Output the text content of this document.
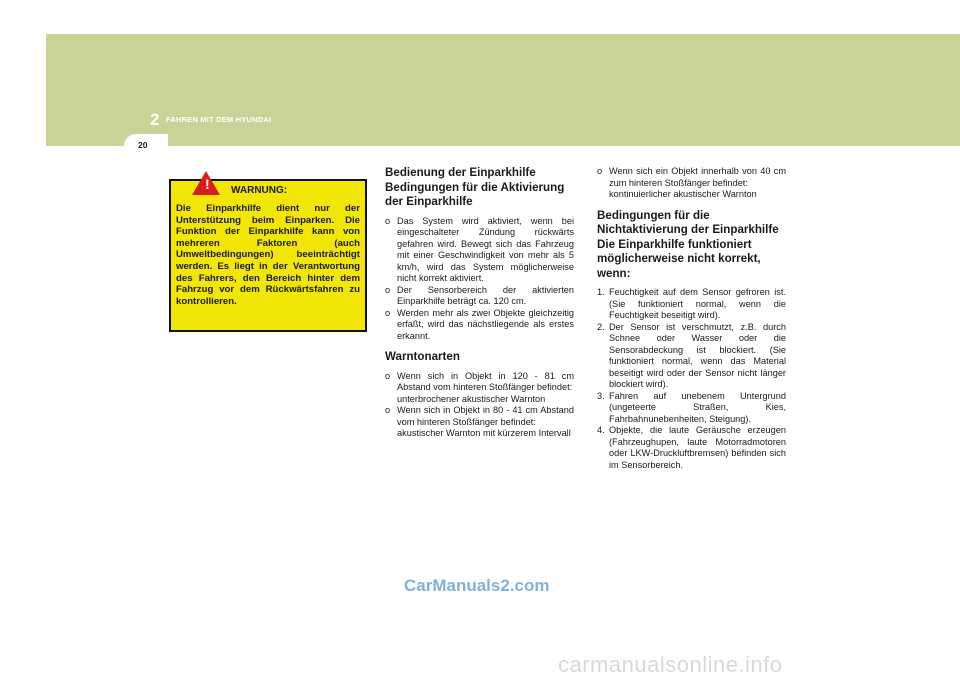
2 FAHREN MIT DEM HYUNDAI
20
! WARNUNG:

Die Einparkhilfe dient nur der Unterstützung beim Einparken. Die Funktion der Einparkhilfe kann von mehreren Faktoren (auch Umweltbedingungen) beeinträchtigt werden. Es liegt in der Verantwortung des Fahrers, den Bereich hinter dem Fahrzug vor dem Rückwärtsfahren zu kontrollieren.

Bedienung der Einparkhilfe Bedingungen für die Aktivierung der Einparkhilfe
o Das System wird aktiviert, wenn bei eingeschalteter Zündung rückwärts gefahren wird. Bewegt sich das Fahrzeug mit einer Geschwindigkeit von mehr als 5 km/h, wird das System möglicherweise nicht korrekt aktiviert.
o Der Sensorbereich der aktivierten Einparkhilfe beträgt ca. 120 cm.
o Werden mehr als zwei Objekte gleichzeitig erfaßt, wird das nächstliegende als erstes erkannt.
Warntonarten
o Wenn sich in Objekt in 120 - 81 cm Abstand vom hinteren Stoßfänger befindet:
unterbrochener akustischer Warnton
o Wenn sich in Objekt in 80 - 41 cm Abstand vom hinteren Stoßfänger befindet:
akustischer Warnton mit kürzerem Intervall
o Wenn sich ein Objekt innerhalb von 40 cm zum hinteren Stoßfänger befindet:
kontinuierlicher akustischer Warnton
Bedingungen für die Nichtaktivierung der Einparkhilfe Die Einparkhilfe funktioniert möglicherweise nicht korrekt, wenn:
1. Feuchtigkeit auf dem Sensor gefroren ist. (Sie funktioniert normal, wenn die Feuchtigkeit beseitigt wird).
2. Der Sensor ist verschmutzt, z.B. durch Schnee oder Wasser oder die Sensorabdeckung ist blockiert. (Sie funktioniert normal, wenn das Material beseitigt wird oder der Sensor nicht länger blockiert wird).
3. Fahren auf unebenem Untergrund (ungeteerte Straßen, Kies, Fahrbahnunebenheiten, Steigung).
4. Objekte, die laute Geräusche erzeugen (Fahrzeughupen, laute Motorradmotoren oder LKW-Druckluftbremsen) befinden sich im Sensorbereich.
CarManuals2.com
carmanualsonline.info
